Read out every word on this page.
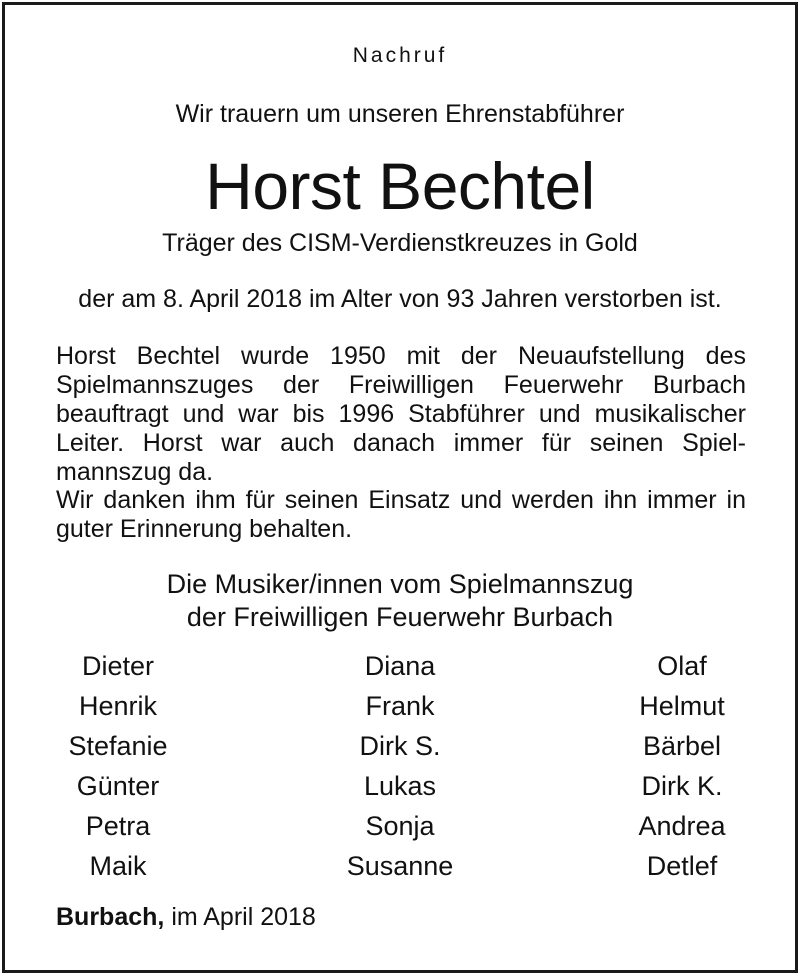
Nachruf
Wir trauern um unseren Ehrenstabführer
Horst Bechtel
Träger des CISM-Verdienstkreuzes in Gold
der am 8. April 2018 im Alter von 93 Jahren verstorben ist.
Horst Bechtel wurde 1950 mit der Neuaufstellung des Spielmannszuges der Freiwilligen Feuerwehr Burbach beauftragt und war bis 1996 Stabführer und musikalischer Leiter. Horst war auch danach immer für seinen Spielmannszug da.
Wir danken ihm für seinen Einsatz und werden ihn immer in guter Erinnerung behalten.
Die Musiker/innen vom Spielmannszug
der Freiwilligen Feuerwehr Burbach
Dieter	Diana	Olaf
Henrik	Frank	Helmut
Stefanie	Dirk S.	Bärbel
Günter	Lukas	Dirk K.
Petra	Sonja	Andrea
Maik	Susanne	Detlef
Burbach, im April 2018
